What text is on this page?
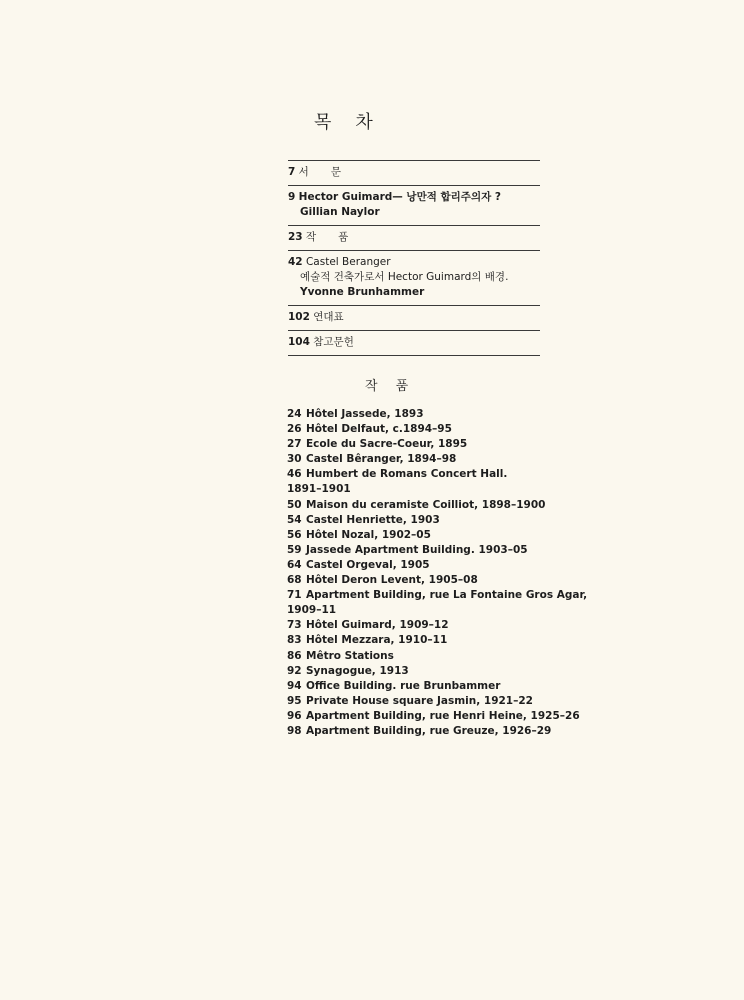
목 차
7 서 문
9 Hector Guimard— 낭만적 합리주의자 ?
Gillian Naylor
23 작 품
42 Castel Beranger
예술적 건축가로서 Hector Guimard의 배경.
Yvonne Brunhammer
102 연대표
104 참고문헌
작 품
24 Hôtel Jassede, 1893
26 Hôtel Delfaut, c.1894–95
27 Ecole du Sacre-Coeur, 1895
30 Castel Bêranger, 1894–98
46 Humbert de Romans Concert Hall.
1891–1901
50 Maison du ceramiste Coilliot, 1898–1900
54 Castel Henriette, 1903
56 Hôtel Nozal, 1902–05
59 Jassede Apartment Building. 1903–05
64 Castel Orgeval, 1905
68 Hôtel Deron Levent, 1905–08
71 Apartment Building, rue La Fontaine Gros Agar,
1909–11
73 Hôtel Guimard, 1909–12
83 Hôtel Mezzara, 1910–11
86 Mêtro Stations
92 Synagogue, 1913
94 Office Building. rue Brunbammer
95 Private House square Jasmin, 1921–22
96 Apartment Building, rue Henri Heine, 1925–26
98 Apartment Building, rue Greuze, 1926–29
